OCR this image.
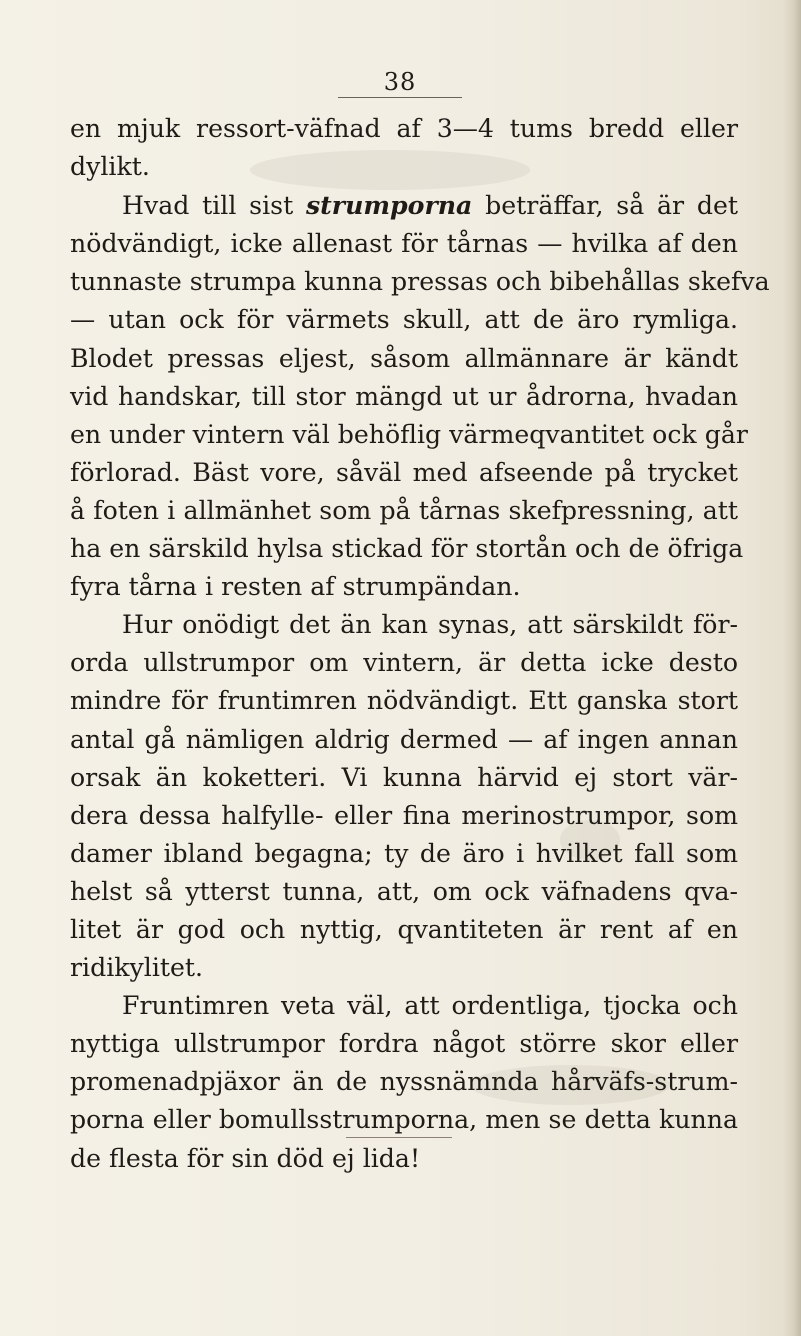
38
en mjuk ressort-väfnad af 3—4 tums bredd eller
dylikt.
Hvad till sist strumporna beträffar, så är det
nödvändigt, icke allenast för tårnas — hvilka af den
tunnaste strumpa kunna pressas och bibehållas skefva
— utan ock för värmets skull, att de äro rymliga.
Blodet pressas eljest, såsom allmännare är kändt
vid handskar, till stor mängd ut ur ådrorna, hvadan
en under vintern väl behöflig värmeqvantitet ock går
förlorad. Bäst vore, såväl med afseende på trycket
å foten i allmänhet som på tårnas skefpressning, att
ha en särskild hylsa stickad för stortån och de öfriga
fyra tårna i resten af strumpändan.
Hur onödigt det än kan synas, att särskildt för-
orda ullstrumpor om vintern, är detta icke desto
mindre för fruntimren nödvändigt. Ett ganska stort
antal gå nämligen aldrig dermed — af ingen annan
orsak än koketteri. Vi kunna härvid ej stort vär-
dera dessa halfylle- eller fina merinostrumpor, som
damer ibland begagna; ty de äro i hvilket fall som
helst så ytterst tunna, att, om ock väfnadens qva-
litet är god och nyttig, qvantiteten är rent af en
ridikylitet.
Fruntimren veta väl, att ordentliga, tjocka och
nyttiga ullstrumpor fordra något större skor eller
promenadpjäxor än de nyssnämnda hårväfs-strum-
porna eller bomullsstrumporna, men se detta kunna
de flesta för sin död ej lida!
